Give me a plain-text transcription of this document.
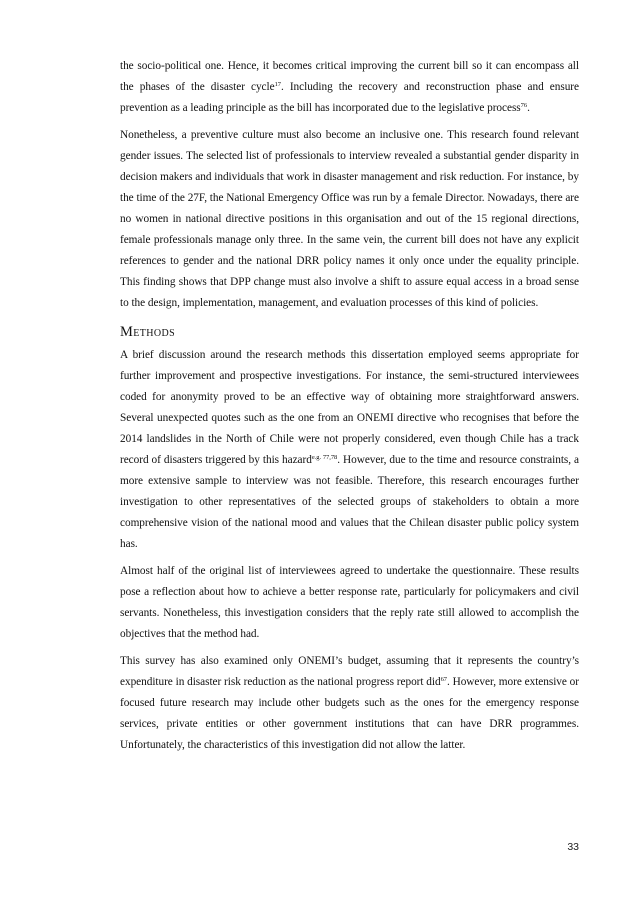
the socio-political one. Hence, it becomes critical improving the current bill so it can encompass all the phases of the disaster cycle$^{17}$. Including the recovery and reconstruction phase and ensure prevention as a leading principle as the bill has incorporated due to the legislative process$^{76}$.

Nonetheless, a preventive culture must also become an inclusive one. This research found relevant gender issues. The selected list of professionals to interview revealed a substantial gender disparity in decision makers and individuals that work in disaster management and risk reduction. For instance, by the time of the 27F, the National Emergency Office was run by a female Director. Nowadays, there are no women in national directive positions in this organisation and out of the 15 regional directions, female professionals manage only three. In the same vein, the current bill does not have any explicit references to gender and the national DRR policy names it only once under the equality principle. This finding shows that DPP change must also involve a shift to assure equal access in a broad sense to the design, implementation, management, and evaluation processes of this kind of policies.

Methods

A brief discussion around the research methods this dissertation employed seems appropriate for further improvement and prospective investigations. For instance, the semi-structured interviewees coded for anonymity proved to be an effective way of obtaining more straightforward answers. Several unexpected quotes such as the one from an ONEMI directive who recognises that before the 2014 landslides in the North of Chile were not properly considered, even though Chile has a track record of disasters triggered by this hazard$^{e.g. 77,78}$. However, due to the time and resource constraints, a more extensive sample to interview was not feasible. Therefore, this research encourages further investigation to other representatives of the selected groups of stakeholders to obtain a more comprehensive vision of the national mood and values that the Chilean disaster public policy system has.

Almost half of the original list of interviewees agreed to undertake the questionnaire. These results pose a reflection about how to achieve a better response rate, particularly for policymakers and civil servants. Nonetheless, this investigation considers that the reply rate still allowed to accomplish the objectives that the method had.

This survey has also examined only ONEMI’s budget, assuming that it represents the country’s expenditure in disaster risk reduction as the national progress report did$^{67}$. However, more extensive or focused future research may include other budgets such as the ones for the emergency response services, private entities or other government institutions that can have DRR programmes. Unfortunately, the characteristics of this investigation did not allow the latter.

33
